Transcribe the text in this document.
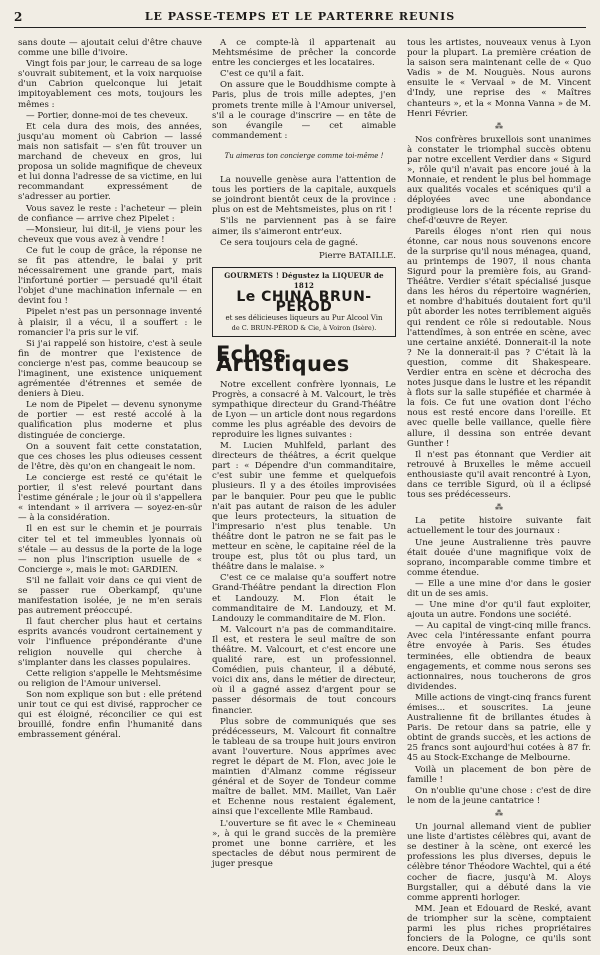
2	LE PASSE-TEMPS ET LE PARTERRE REUNIS

sans doute — ajoutait celui d'être chauve comme une bille d'ivoire.

Vingt fois par jour, le carreau de sa loge s'ouvrait subitement, et la voix narquoise d'un Cabrion quelconque lui jetait impitoyablement ces mots, toujours les mêmes :

— Portier, donne-moi de tes cheveux.

Et cela dura des mois, des années, jusqu'au moment où Cabrion — lassé mais non satisfait — s'en fût trouver un marchand de cheveux en gros, lui proposa un solide magnifique de cheveux et lui donna l'adresse de sa victime, en lui recommandant expressément de s'adresser au portier.

Vous savez le reste : l'acheteur — plein de confiance — arrive chez Pipelet :

—Monsieur, lui dit-il, je viens pour les cheveux que vous avez à vendre !

Ce fut le coup de grâce, la réponse ne se fit pas attendre, le balai y prit nécessairement une grande part, mais l'infortuné portier — persuadé qu'il était l'objet d'une machination infernale — en devint fou !

Pipelet n'est pas un personnage inventé à plaisir, il a vécu, il a souffert : le romancier l'a pris sur le vif.

Si j'ai rappelé son histoire, c'est à seule fin de montrer que l'existence de concierge n'est pas, comme beaucoup se l'imaginent, une existence uniquement agrémentée d'étrennes et semée de deniers à Dieu.

Le nom de Pipelet — devenu synonyme de portier — est resté accolé à la qualification plus moderne et plus distinguée de concierge.

On a souvent fait cette constatation, que ces choses les plus odieuses cessent de l'être, dès qu'on en changeait le nom.

Le concierge est resté ce qu'était le portier, il s'est relevé pourtant dans l'estime générale ; le jour où il s'appellera « intendant » il arrivera — soyez-en-sûr — à la considération.

Il en est sur le chemin et je pourrais citer tel et tel immeubles lyonnais où s'étale — au dessus de la porte de la loge — non plus l'inscription usuelle de « Concierge », mais le mot: GARDIEN.

S'il ne fallait voir dans ce qui vient de se passer rue Oberkampf, qu'une manifestation isolée, je ne m'en serais pas autrement préoccupé.

Il faut chercher plus haut et certains esprits avancés voudront certainement y voir l'influence prépondérante d'une religion nouvelle qui cherche à s'implanter dans les classes populaires.

Cette religion s'appelle le Mehtsmésime ou religion de l'Amour universel.

Son nom explique son but : elle prétend unir tout ce qui est divisé, rapprocher ce qui est éloigné, réconcilier ce qui est brouillé, fondre enfin l'humanité dans embrassement général.

A ce compte-là il appartenait au Mehtsmésime de prêcher la concorde entre les concierges et les locataires.

C'est ce qu'il a fait.

On assure que le Bouddhisme compte à Paris, plus de trois mille adeptes, j'en promets trente mille à l'Amour universel, s'il a le courage d'inscrire — en tête de son évangile — cet aimable commandement :

Tu aimeras ton concierge comme toi-même !

La nouvelle genèse aura l'attention de tous les portiers de la capitale, auxquels se joindront bientôt ceux de la province : plus on est de Mehtsmeistes, plus on rit !

S'ils ne parviennent pas à se faire aimer, ils s'aimeront entr'eux.

Ce sera toujours cela de gagné.

Pierre BATAILLE.
GOURMETS ! Dégustez la LIQUEUR de 1812
Le CHINA BRUN-PÉROD
et ses délicieuses liqueurs au Pur Alcool Vin
de C. BRUN-PÉROD & Cie, à Voiron (Isère).
Echos Artistiques

Notre excellent confrère lyonnais, Le Progrès, a consacré à M. Valcourt, le très sympathique directeur du Grand-Théâtre de Lyon — un article dont nous regardons comme les plus agréable des devoirs de reproduire les lignes suivantes :

M. Lucien Muhlfeld, parlant des directeurs de théâtres, a écrit quelque part : « Dépendre d'un commanditaire, c'est subir une femme et quelquefois plusieurs. Il y a des étoiles improvisées par le banquier. Pour peu que le public n'ait pas autant de raison de les aduler que leurs protecteurs, la situation de l'impresario n'est plus tenable. Un théâtre dont le patron ne se fait pas le metteur en scène, le capitaine réel de la troupe est, plus tôt ou plus tard, un théâtre dans le malaise. »

C'est ce ce malaise qu'a souffert notre Grand-Théâtre pendant la direction Flon et Landouzy. M. Flon était le commanditaire de M. Landouzy, et M. Landouzy le commanditaire de M. Flon.

M. Valcourt n'a pas de commanditaire. Il est, et restera le seul maître de son théâtre. M. Valcourt, et c'est encore une qualité rare, est un professionnel. Comédien, puis chanteur, il a débuté, voici dix ans, dans le métier de directeur, où il a gagné assez d'argent pour se passer désormais de tout concours financier.

Plus sobre de communiqués que ses prédécesseurs, M. Valcourt fit connaître le tableau de sa troupe huit jours environ avant l'ouverture. Nous apprîmes avec regret le départ de M. Flon, avec joie le maintien d'Almanz comme régisseur général et de Soyer de Tondeur comme maître de ballet. MM. Maillet, Van Laër et Echenne nous restaient également, ainsi que l'excellente Mlle Rambaud.

L'ouverture se fit avec le « Chemineau », à qui le grand succès de la première promet une bonne carrière, et les spectacles de début nous permirent de juger presque

tous les artistes, nouveaux venus à Lyon pour la plupart. La première création de la saison sera maintenant celle de « Quo Vadis » de M. Nouguès. Nous aurons ensuite le « Vervaal » de M. Vincent d'Indy, une reprise des « Maîtres chanteurs », et la « Monna Vanna » de M. Henri Février.

⁂

Nos confrères bruxellois sont unanimes à constater le triomphal succès obtenu par notre excellent Verdier dans « Sigurd », rôle qu'il n'avait pas encore joué à la Monnaie, et rendent le plus bel hommage aux qualités vocales et scéniques qu'il a déployées avec une abondance prodigieuse lors de la récente reprise du chef-d'œuvre de Reyer.

Pareils éloges n'ont rien qui nous étonne, car nous nous souvenons encore de la surprise qu'il nous ménagea, quand, au printemps de 1907, il nous chanta Sigurd pour la première fois, au Grand-Théâtre. Verdier s'était spécialisé jusque dans les héros du répertoire wagnérien, et nombre d'habitués doutaient fort qu'il pût aborder les notes terriblement aiguës qui rendent ce rôle si redoutable. Nous l'attendîmes, à son entrée en scène, avec une certaine anxiété. Donnerait-il la note ? Ne la donnerait-il pas ? C'était là la question, comme dit Shakespeare. Verdier entra en scène et décrocha des notes jusque dans le lustre et les répandit à flots sur la salle stupéfiée et charmée à la fois. Ce fut une ovation dont l'écho nous est resté encore dans l'oreille. Et avec quelle belle vaillance, quelle fière allure, il dessina son entrée devant Gunther !

Il n'est pas étonnant que Verdier ait retrouvé à Bruxelles le même accueil enthousiaste qu'il avait rencontré à Lyon, dans ce terrible Sigurd, où il a éclipsé tous ses prédécesseurs.

⁂

La petite histoire suivante fait actuellement le tour des journaux :

Une jeune Australienne très pauvre était douée d'une magnifique voix de soprano, incomparable comme timbre et comme étendue.

— Elle a une mine d'or dans le gosier dit un de ses amis.

— Une mine d'or qu'il faut exploiter, ajouta un autre. Fondons une société.

— Au capital de vingt-cinq mille francs. Avec cela l'intéressante enfant pourra être envoyée à Paris. Ses études terminées, elle obtiendra de beaux engagements, et comme nous serons ses actionnaires, nous toucherons de gros dividendes.

Mille actions de vingt-cinq francs furent émises... et souscrites. La jeune Australienne fit de brillantes études à Paris. De retour dans sa patrie, elle y obtint de grands succès, et les actions de 25 francs sont aujourd'hui cotées à 87 fr. 45 au Stock-Exchange de Melbourne.

Voilà un placement de bon père de famille !

On n'oublie qu'une chose : c'est de dire le nom de la jeune cantatrice !

⁂

Un journal allemand vient de publier une liste d'artistes célèbres qui, avant de se destiner à la scène, ont exercé les professions les plus diverses, depuis le célèbre ténor Théodore Wachtel, qui a été cocher de fiacre, jusqu'à M. Aloys Burgstaller, qui a débuté dans la vie comme apprenti horloger.

MM. Jean et Edouard de Reské, avant de triompher sur la scène, comptaient parmi les plus riches propriétaires fonciers de la Pologne, ce qu'ils sont encore. Deux chan-
